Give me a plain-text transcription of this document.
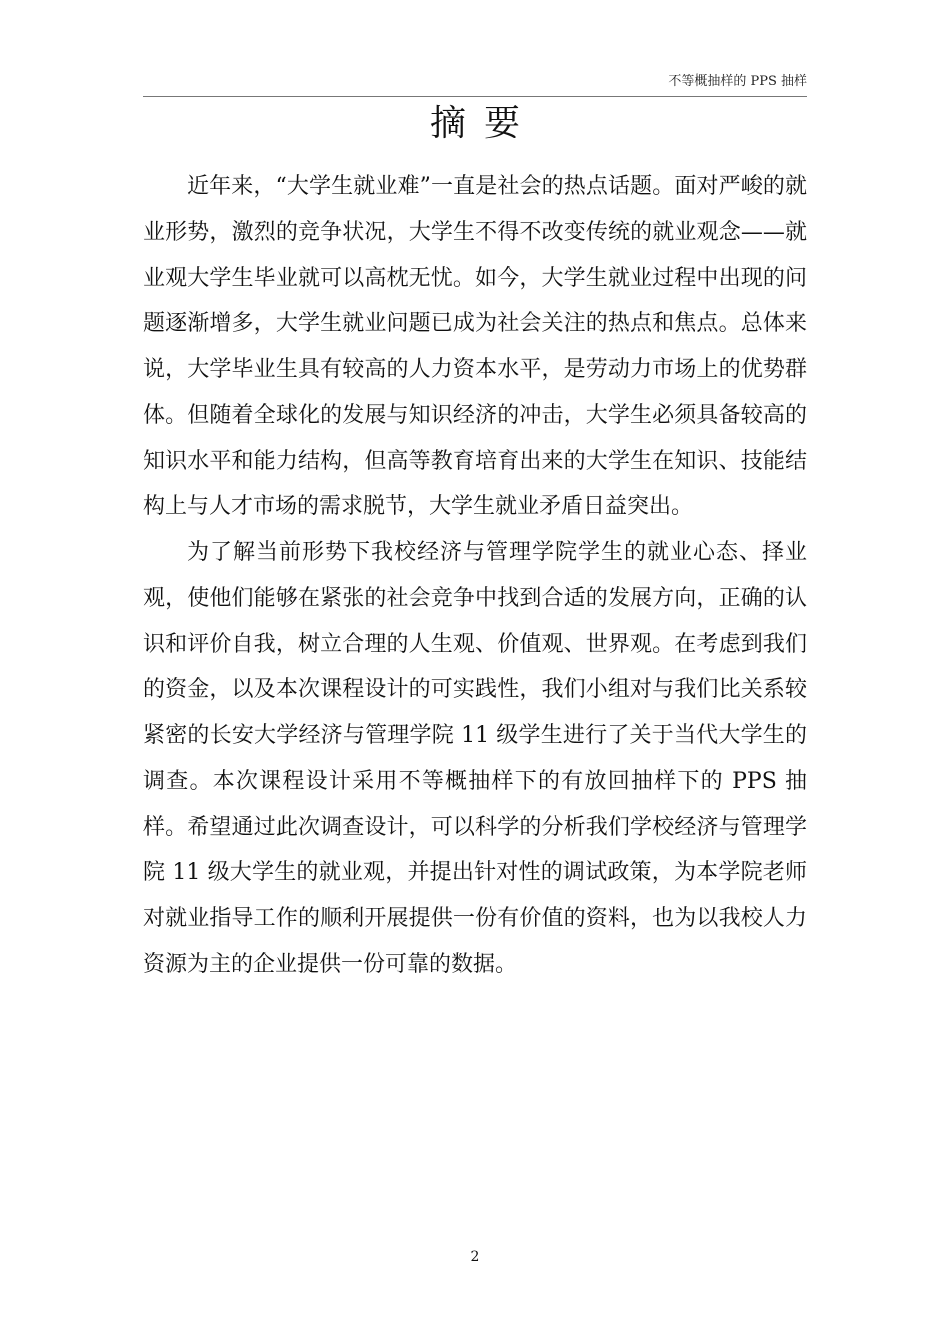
不等概抽样的 PPS 抽样
摘要

近年来，“大学生就业难”一直是社会的热点话题。面对严峻的就业形势，激烈的竞争状况，大学生不得不改变传统的就业观念——就业观大学生毕业就可以高枕无忧。如今，大学生就业过程中出现的问题逐渐增多，大学生就业问题已成为社会关注的热点和焦点。总体来说，大学毕业生具有较高的人力资本水平，是劳动力市场上的优势群体。但随着全球化的发展与知识经济的冲击，大学生必须具备较高的知识水平和能力结构，但高等教育培育出来的大学生在知识、技能结构上与人才市场的需求脱节，大学生就业矛盾日益突出。

为了解当前形势下我校经济与管理学院学生的就业心态、择业观，使他们能够在紧张的社会竞争中找到合适的发展方向，正确的认识和评价自我，树立合理的人生观、价值观、世界观。在考虑到我们的资金，以及本次课程设计的可实践性，我们小组对与我们比关系较紧密的长安大学经济与管理学院 11 级学生进行了关于当代大学生的调查。本次课程设计采用不等概抽样下的有放回抽样下的 PPS 抽样。希望通过此次调查设计，可以科学的分析我们学校经济与管理学院 11 级大学生的就业观，并提出针对性的调试政策，为本学院老师对就业指导工作的顺利开展提供一份有价值的资料，也为以我校人力资源为主的企业提供一份可靠的数据。

2
